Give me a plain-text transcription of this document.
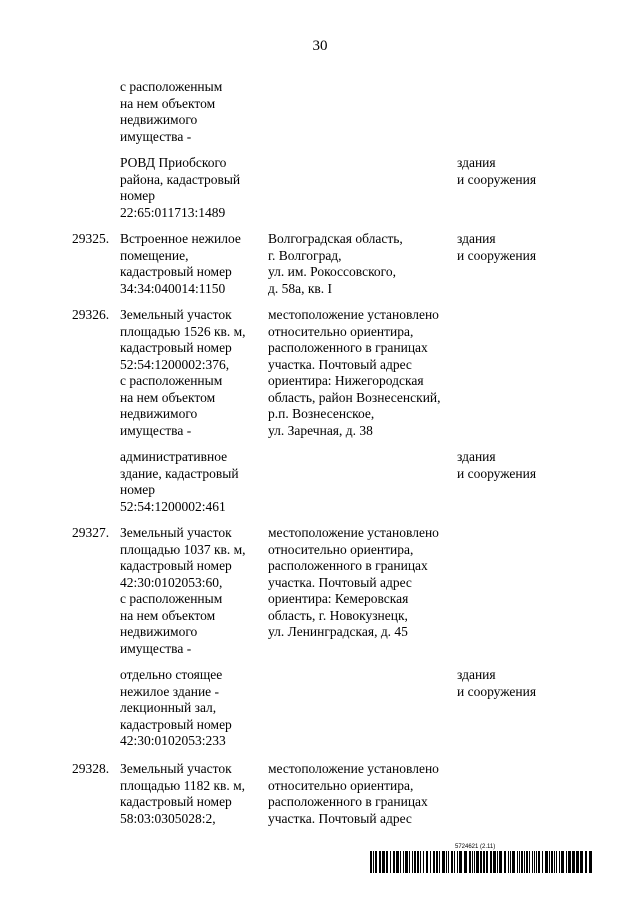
30
с расположенным
на нем объектом
недвижимого
имущества -
РОВД Приобского
района, кадастровый
номер
22:65:011713:1489
здания
и сооружения
29325. Встроенное нежилое
помещение,
кадастровый номер
34:34:040014:1150
Волгоградская область,
г. Волгоград,
ул. им. Рокоссовского,
д. 58а, кв. I
здания
и сооружения
29326. Земельный участок
площадью 1526 кв. м,
кадастровый номер
52:54:1200002:376,
с расположенным
на нем объектом
недвижимого
имущества -
местоположение установлено
относительно ориентира,
расположенного в границах
участка. Почтовый адрес
ориентира: Нижегородская
область, район Вознесенский,
р.п. Вознесенское,
ул. Заречная, д. 38
административное
здание, кадастровый
номер
52:54:1200002:461
здания
и сооружения
29327. Земельный участок
площадью 1037 кв. м,
кадастровый номер
42:30:0102053:60,
с расположенным
на нем объектом
недвижимого
имущества -
местоположение установлено
относительно ориентира,
расположенного в границах
участка. Почтовый адрес
ориентира: Кемеровская
область, г. Новокузнецк,
ул. Ленинградская, д. 45
отдельно стоящее
нежилое здание -
лекционный зал,
кадастровый номер
42:30:0102053:233
здания
и сооружения
29328. Земельный участок
площадью 1182 кв. м,
кадастровый номер
58:03:0305028:2,
местоположение установлено
относительно ориентира,
расположенного в границах
участка. Почтовый адрес
5724621 (2.11)
